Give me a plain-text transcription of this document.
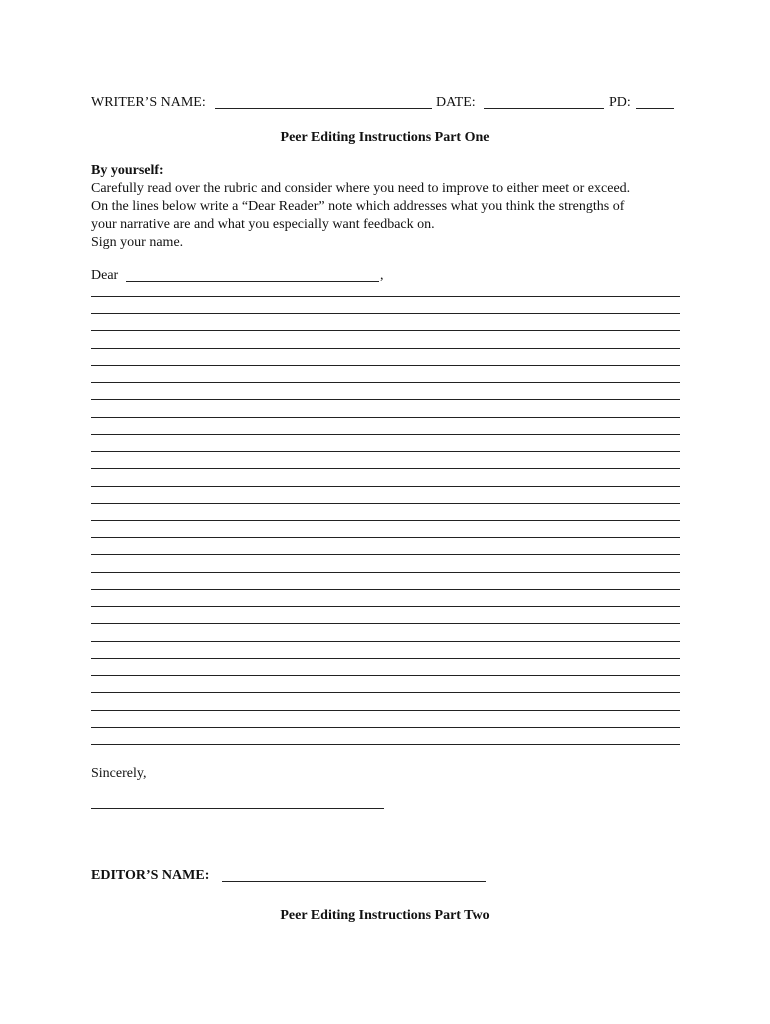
WRITER’S NAME:	DATE:	PD:
Peer Editing Instructions Part One
By yourself:
Carefully read over the rubric and consider where you need to improve to either meet or exceed.
On the lines below write a “Dear Reader” note which addresses what you think the strengths of
your narrative are and what you especially want feedback on.
Sign your name.
Dear	,
Sincerely,
EDITOR’S NAME:
Peer Editing Instructions Part Two
